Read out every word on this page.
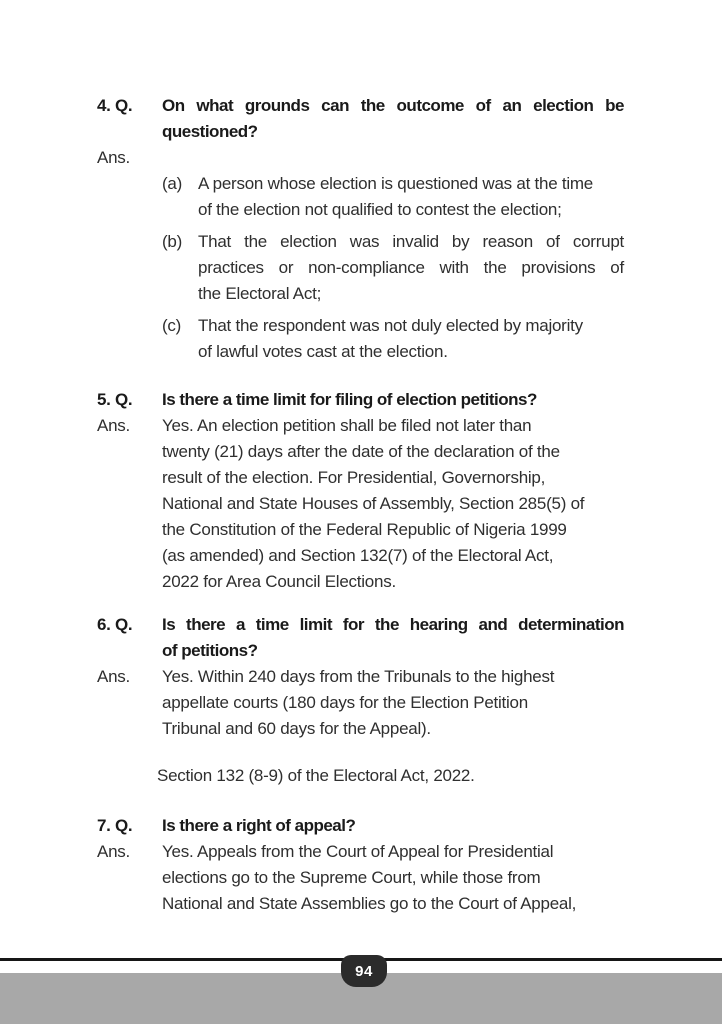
4. Q.	On what grounds can the outcome of an election be
questioned?
Ans.
(a) A person whose election is questioned was at the time
of the election not qualified to contest the election;
(b) That the election was invalid by reason of corrupt
practices or non-compliance with the provisions of
the Electoral Act;
(c) That the respondent was not duly elected by majority
of lawful votes cast at the election.
5. Q.	Is there a time limit for filing of election petitions?
Ans.	Yes. An election petition shall be filed not later than
twenty (21) days after the date of the declaration of the
result of the election. For Presidential, Governorship,
National and State Houses of Assembly, Section 285(5) of
the Constitution of the Federal Republic of Nigeria 1999
(as amended) and Section 132(7) of the Electoral Act,
2022 for Area Council Elections.
6. Q.	Is there a time limit for the hearing and determination
of petitions?
Ans.	Yes. Within 240 days from the Tribunals to the highest
appellate courts (180 days for the Election Petition
Tribunal and 60 days for the Appeal).
Section 132 (8-9) of the Electoral Act, 2022.
7. Q.	Is there a right of appeal?
Ans.	Yes. Appeals from the Court of Appeal for Presidential
elections go to the Supreme Court, while those from
National and State Assemblies go to the Court of Appeal,
94
